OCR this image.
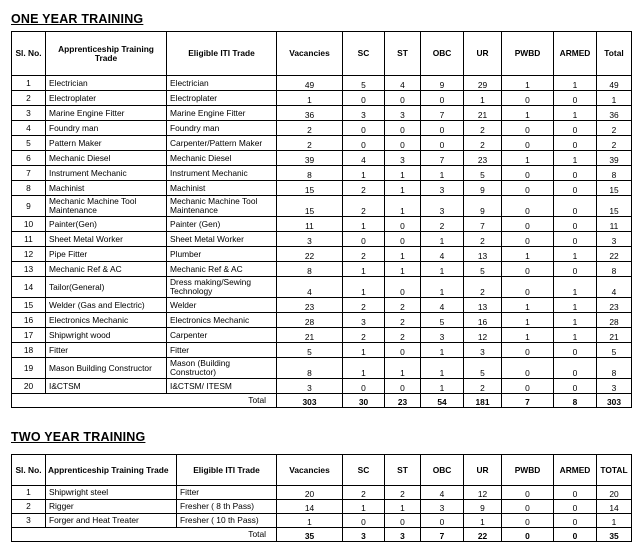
ONE YEAR TRAINING
Sl. No.	Apprenticeship Training Trade	Eligible ITI Trade	Vacancies	SC	ST	OBC	UR	PWBD	ARMED	Total
1	Electrician	Electrician	49	5	4	9	29	1	1	49
2	Electroplater	Electroplater	1	0	0	0	1	0	0	1
3	Marine Engine Fitter	Marine Engine Fitter	36	3	3	7	21	1	1	36
4	Foundry man	Foundry man	2	0	0	0	2	0	0	2
5	Pattern Maker	Carpenter/Pattern Maker	2	0	0	0	2	0	0	2
6	Mechanic Diesel	Mechanic Diesel	39	4	3	7	23	1	1	39
7	Instrument Mechanic	Instrument Mechanic	8	1	1	1	5	0	0	8
8	Machinist	Machinist	15	2	1	3	9	0	0	15
9	Mechanic Machine Tool Maintenance	Mechanic Machine Tool Maintenance	15	2	1	3	9	0	0	15
10	Painter(Gen)	Painter (Gen)	11	1	0	2	7	0	0	11
11	Sheet Metal Worker	Sheet Metal Worker	3	0	0	1	2	0	0	3
12	Pipe Fitter	Plumber	22	2	1	4	13	1	1	22
13	Mechanic Ref & AC	Mechanic Ref & AC	8	1	1	1	5	0	0	8
14	Tailor(General)	Dress making/Sewing Technology	4	1	0	1	2	0	1	4
15	Welder (Gas and Electric)	Welder	23	2	2	4	13	1	1	23
16	Electronics Mechanic	Electronics Mechanic	28	3	2	5	16	1	1	28
17	Shipwright wood	Carpenter	21	2	2	3	12	1	1	21
18	Fitter	Fitter	5	1	0	1	3	0	0	5
19	Mason Building Constructor	Mason (Building Constructor)	8	1	1	1	5	0	0	8
20	I&CTSM	I&CTSM/ ITESM	3	0	0	1	2	0	0	3
Total			303	30	23	54	181	7	8	303
TWO YEAR TRAINING
Sl. No.	Apprenticeship Training Trade	Eligible ITI Trade	Vacancies	SC	ST	OBC	UR	PWBD	ARMED	TOTAL
1	Shipwright steel	Fitter	20	2	2	4	12	0	0	20
2	Rigger	Fresher ( 8 th Pass)	14	1	1	3	9	0	0	14
3	Forger and Heat Treater	Fresher ( 10 th Pass)	1	0	0	0	1	0	0	1
Total			35	3	3	7	22	0	0	35
